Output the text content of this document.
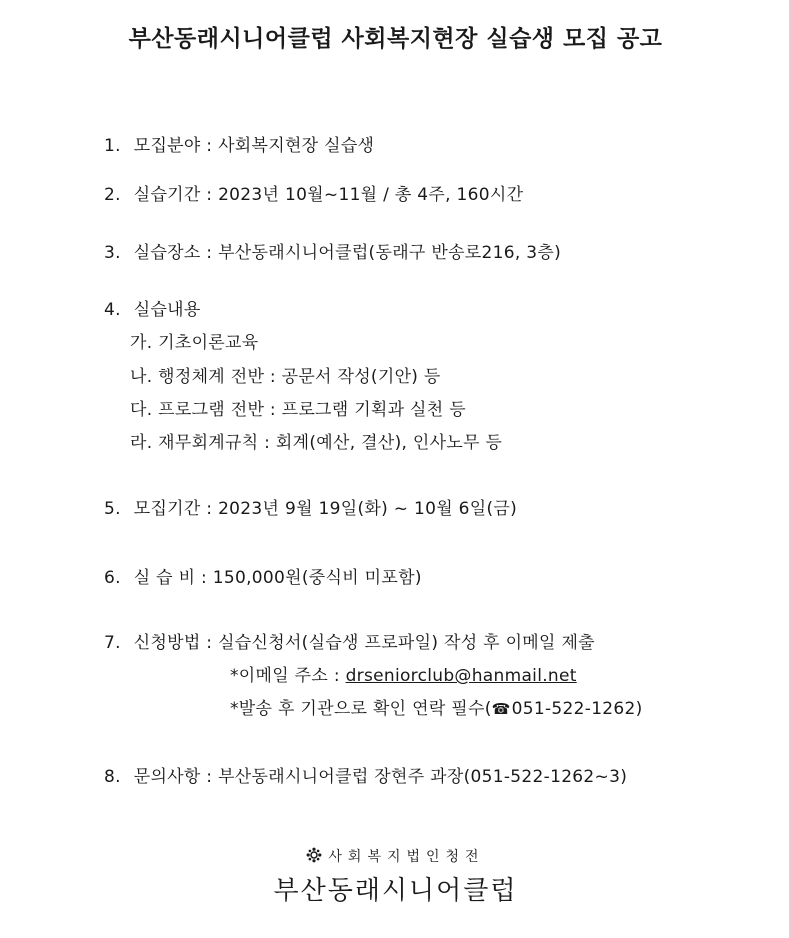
부산동래시니어클럽 사회복지현장 실습생 모집 공고
1. 모집분야 : 사회복지현장 실습생
2. 실습기간 : 2023년 10월~11월 / 총 4주, 160시간
3. 실습장소 : 부산동래시니어클럽(동래구 반송로216, 3층)
4. 실습내용
가. 기초이론교육
나. 행정체계 전반 : 공문서 작성(기안) 등
다. 프로그램 전반 : 프로그램 기획과 실천 등
라. 재무회계규칙 : 회계(예산, 결산), 인사노무 등
5. 모집기간 : 2023년 9월 19일(화) ~ 10월 6일(금)
6. 실 습 비 : 150,000원(중식비 미포함)
7. 신청방법 : 실습신청서(실습생 프로파일) 작성 후 이메일 제출
*이메일 주소 : drseniorclub@hanmail.net
*발송 후 기관으로 확인 연락 필수(☎051-522-1262)
8. 문의사항 : 부산동래시니어클럽 장현주 과장(051-522-1262~3)
사회복지법인청전
부산동래시니어클럽
